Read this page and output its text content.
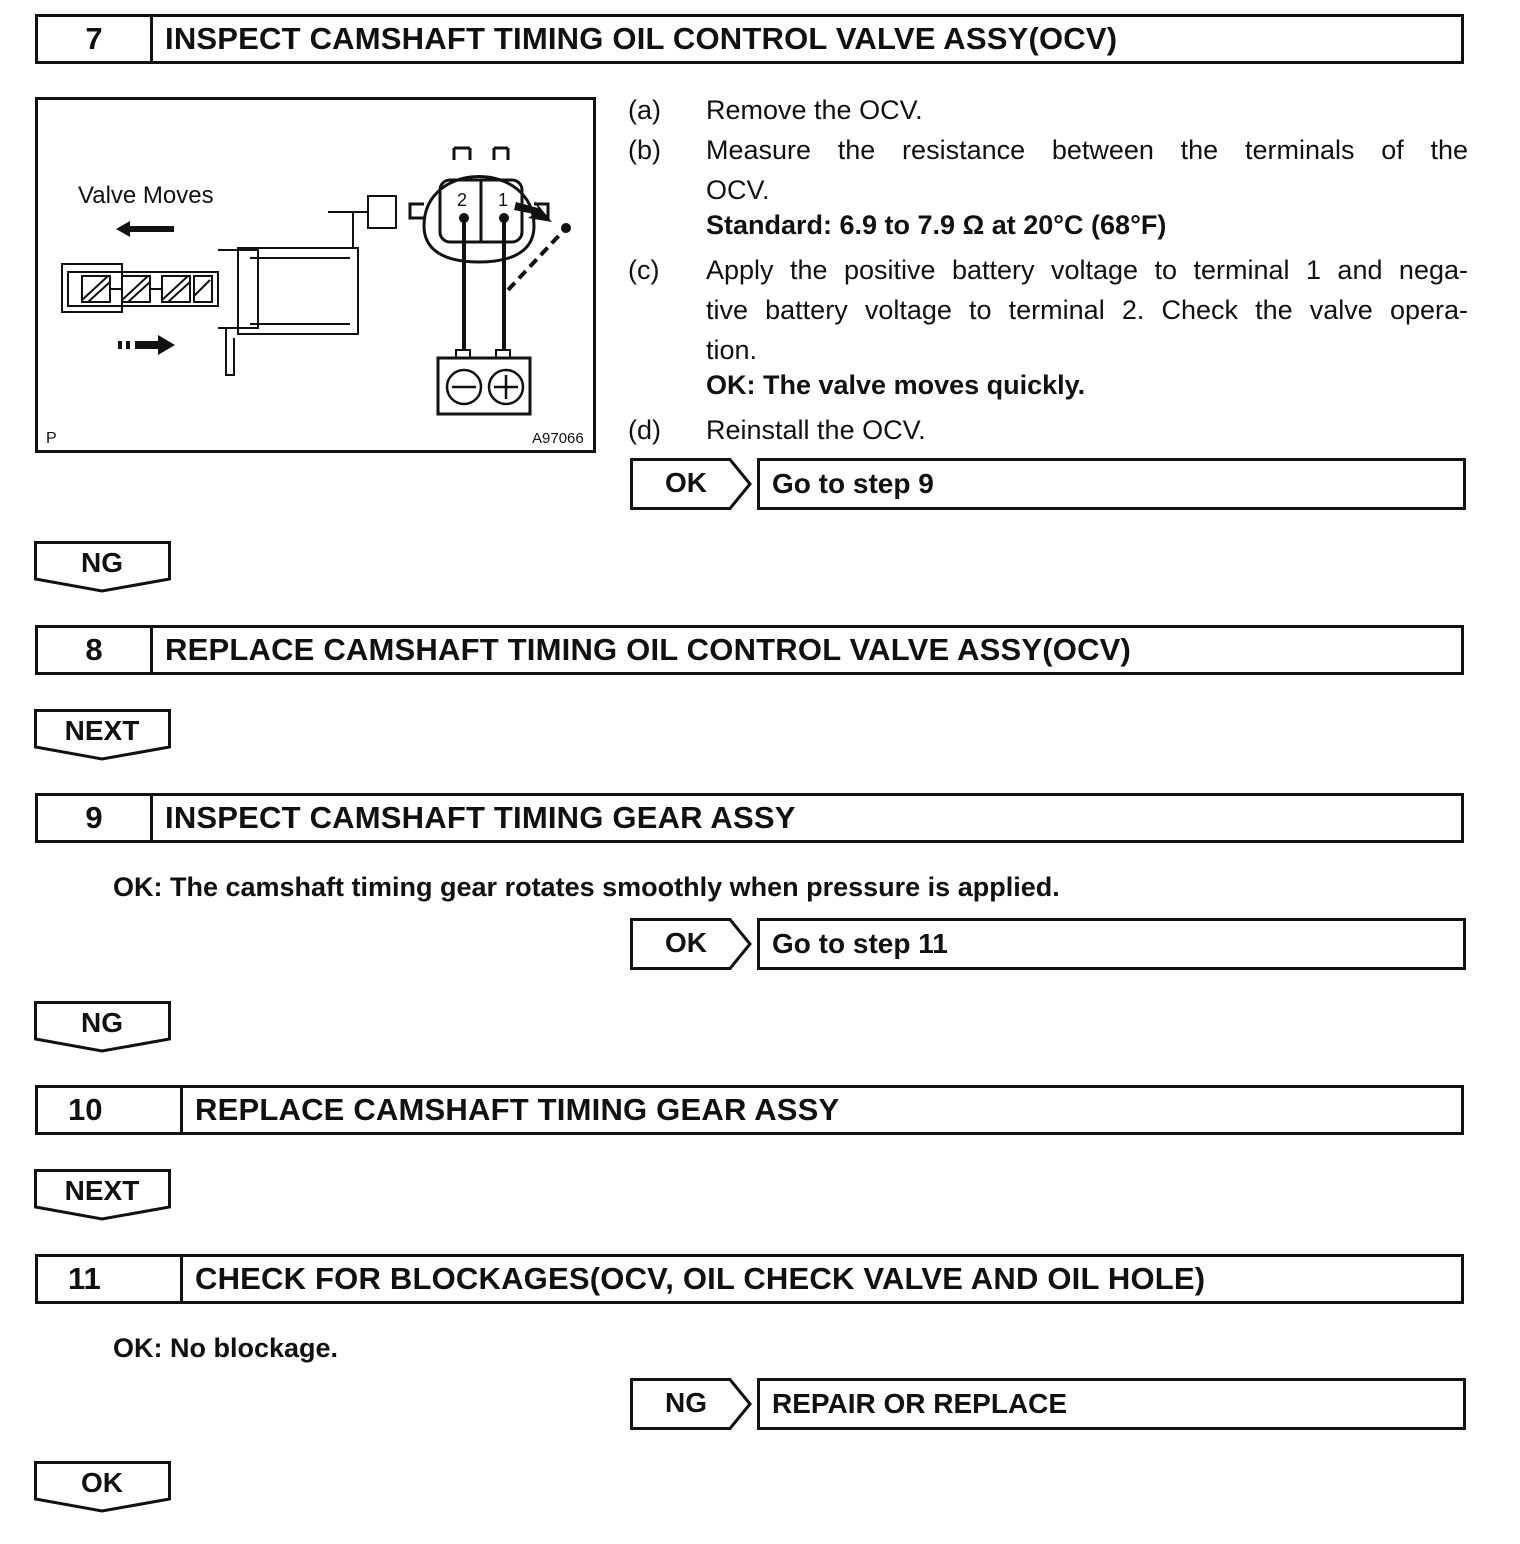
7	INSPECT CAMSHAFT TIMING OIL CONTROL VALVE ASSY(OCV)
Valve Moves	2 1
P	A97066
(a) Remove the OCV.
(b) Measure the resistance between the terminals of the
OCV.
Standard: 6.9 to 7.9 Ω at 20°C (68°F)
(c) Apply the positive battery voltage to terminal 1 and nega-
tive battery voltage to terminal 2. Check the valve opera-
tion.
OK: The valve moves quickly.
(d) Reinstall the OCV.
OK	Go to step 9
NG
8	REPLACE CAMSHAFT TIMING OIL CONTROL VALVE ASSY(OCV)
NEXT
9	INSPECT CAMSHAFT TIMING GEAR ASSY
OK: The camshaft timing gear rotates smoothly when pressure is applied.
OK	Go to step 11
NG
10	REPLACE CAMSHAFT TIMING GEAR ASSY
NEXT
11	CHECK FOR BLOCKAGES(OCV, OIL CHECK VALVE AND OIL HOLE)
OK: No blockage.
NG	REPAIR OR REPLACE
OK
